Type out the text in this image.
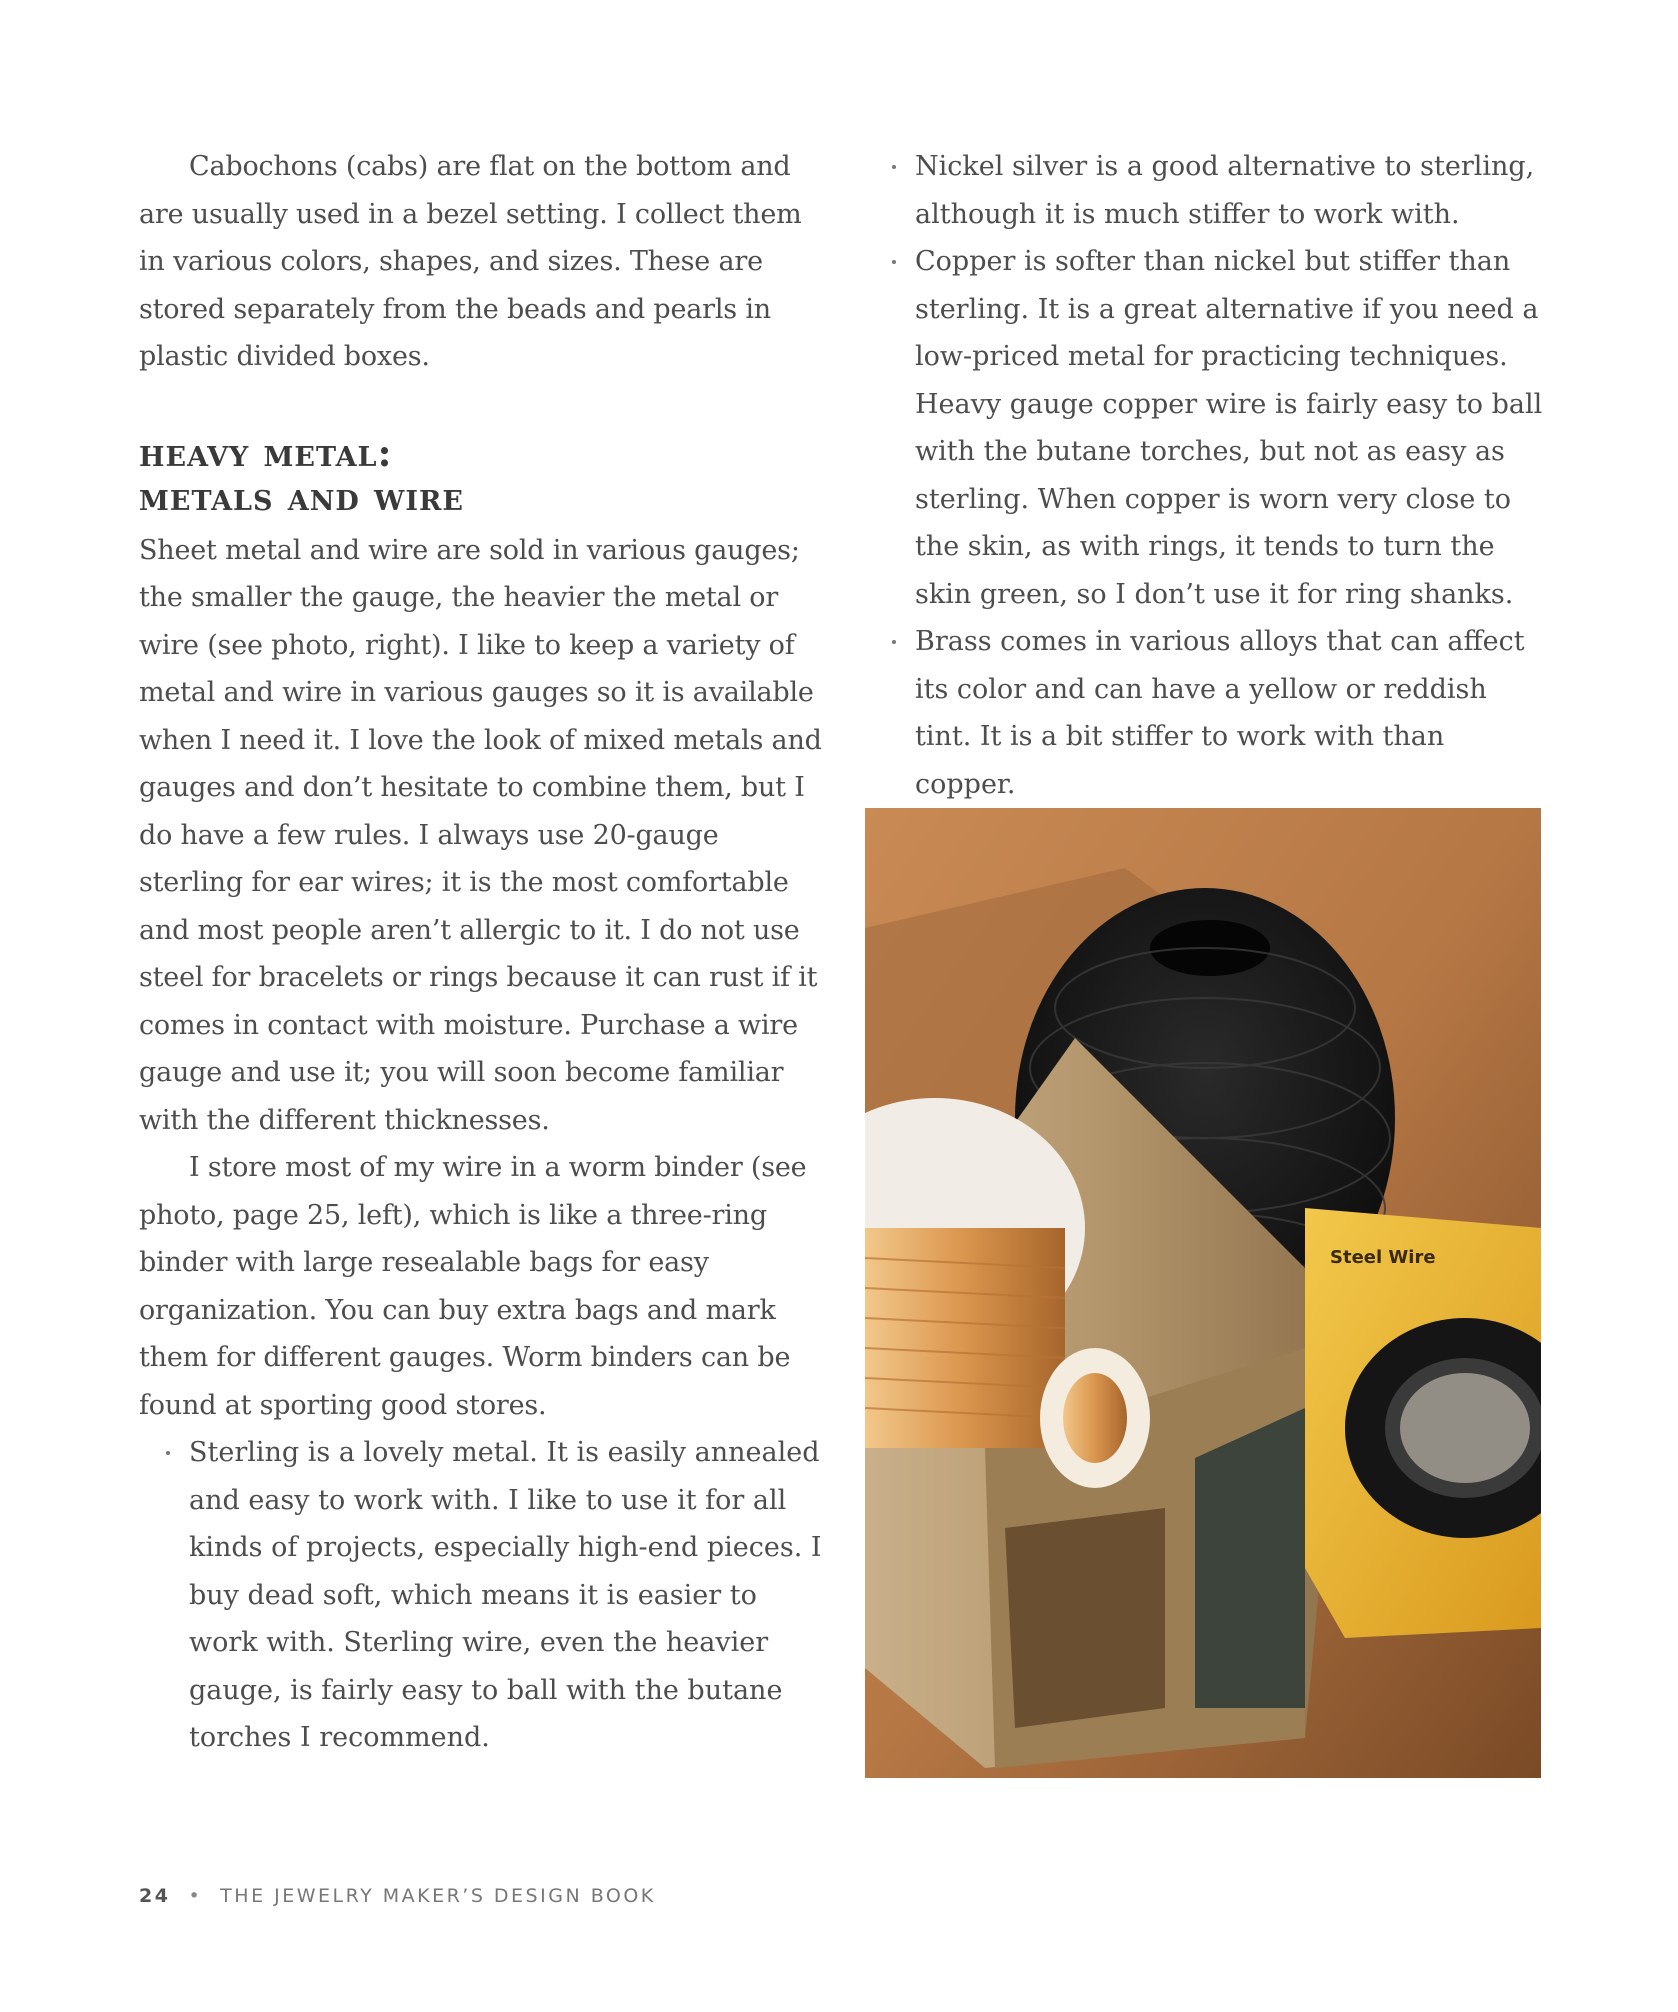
Cabochons (cabs) are flat on the bottom and are usually used in a bezel setting. I collect them in various colors, shapes, and sizes. These are stored separately from the beads and pearls in plastic divided boxes.

heavy metal:
metals and wire

Sheet metal and wire are sold in various gauges; the smaller the gauge, the heavier the metal or wire (see photo, right). I like to keep a variety of metal and wire in various gauges so it is available when I need it. I love the look of mixed metals and gauges and don’t hesitate to combine them, but I do have a few rules. I always use 20-gauge sterling for ear wires; it is the most comfortable and most people aren’t allergic to it. I do not use steel for bracelets or rings because it can rust if it comes in contact with moisture. Purchase a wire gauge and use it; you will soon become familiar with the different thicknesses.

I store most of my wire in a worm binder (see photo, page 25, left), which is like a three-ring binder with large resealable bags for easy organization. You can buy extra bags and mark them for different gauges. Worm binders can be found at sporting good stores.

Sterling is a lovely metal. It is easily annealed and easy to work with. I like to use it for all kinds of projects, especially high-end pieces. I buy dead soft, which means it is easier to work with. Sterling wire, even the heavier gauge, is fairly easy to ball with the butane torches I recommend.
Nickel silver is a good alternative to sterling, although it is much stiffer to work with.
Copper is softer than nickel but stiffer than sterling. It is a great alternative if you need a low-priced metal for practicing techniques. Heavy gauge copper wire is fairly easy to ball with the butane torches, but not as easy as sterling. When copper is worn very close to the skin, as with rings, it tends to turn the skin green, so I don’t use it for ring shanks.
Brass comes in various alloys that can affect its color and can have a yellow or reddish tint. It is a bit stiffer to work with than copper.
Steel Wire
24 • THE JEWELRY MAKER’S DESIGN BOOK
